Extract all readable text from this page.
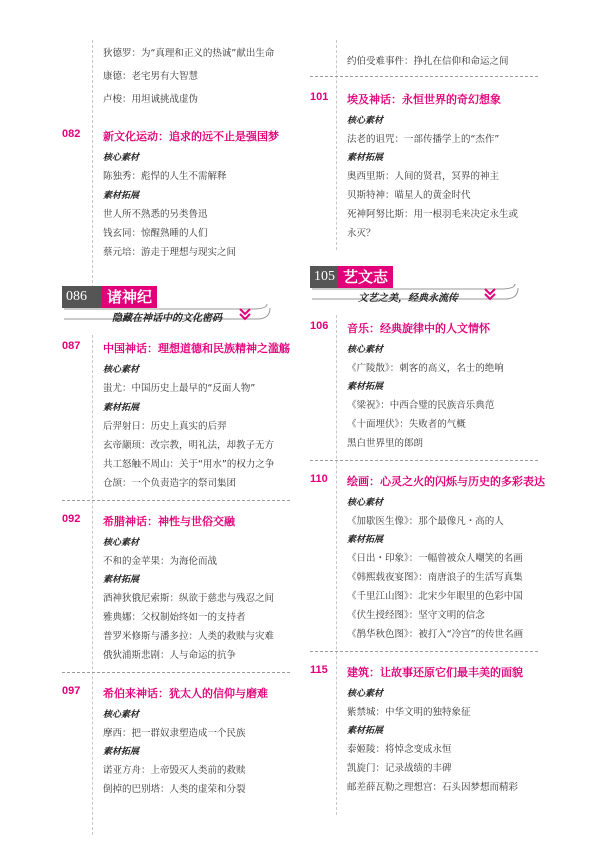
狄德罗：为“真理和正义的热诚”献出生命
康德：老宅男有大智慧
卢梭：用坦诚挑战虚伪
082 新文化运动：追求的远不止是强国梦
核心素材
陈独秀：彪悍的人生不需解释
素材拓展
世人所不熟悉的另类鲁迅
钱玄同：惊醒熟睡的人们
蔡元培：游走于理想与现实之间
086	诸神纪
隐藏在神话中的文化密码
087 中国神话：理想道德和民族精神之滥觞
核心素材
蚩尤：中国历史上最早的“反面人物”
素材拓展
后羿射日：历史上真实的后羿
玄帝颛顼：改宗教，明礼法，却教子无方
共工怒触不周山：关于“用水”的权力之争
仓颉：一个负责造字的祭司集团
092 希腊神话：神性与世俗交融
核心素材
不和的金苹果：为海伦而战
素材拓展
酒神狄俄尼索斯：纵欲于慈悲与残忍之间
雅典娜：父权制始终如一的支持者
普罗米修斯与潘多拉：人类的救赎与灾难
俄狄浦斯悲剧：人与命运的抗争
097 希伯来神话：犹太人的信仰与磨难
核心素材
摩西：把一群奴隶塑造成一个民族
素材拓展
诺亚方舟：上帝毁灭人类前的救赎
倒掉的巴别塔：人类的虚荣和分裂
约伯受难事件：挣扎在信仰和命运之间
101 埃及神话：永恒世界的奇幻想象
核心素材
法老的诅咒：一部传播学上的“杰作”
素材拓展
奥西里斯：人间的贤君，冥界的神主
贝斯特神：喵星人的黄金时代
死神阿努比斯：用一根羽毛来决定永生或
永灭？
105 艺文志
文艺之美，经典永流传
106 音乐：经典旋律中的人文情怀
核心素材
《广陵散》：刺客的高义，名士的绝响
素材拓展
《梁祝》：中西合璧的民族音乐典范
《十面埋伏》：失败者的气概
黑白世界里的郎朗
110 绘画：心灵之火的闪烁与历史的多彩表达
核心素材
《加歇医生像》：那个最像凡・高的人
素材拓展
《日出・印象》：一幅曾被众人嘲笑的名画
《韩熙载夜宴图》：南唐浪子的生活写真集
《千里江山图》：北宋少年眼里的色彩中国
《伏生授经图》：坚守文明的信念
《鹊华秋色图》：被打入“冷宫”的传世名画
115 建筑：让故事还原它们最丰美的面貌
核心素材
紫禁城：中华文明的独特象征
素材拓展
泰姬陵：将悼念变成永恒
凯旋门：记录战绩的丰碑
邮差薛瓦勒之理想宫：石头因梦想而精彩
